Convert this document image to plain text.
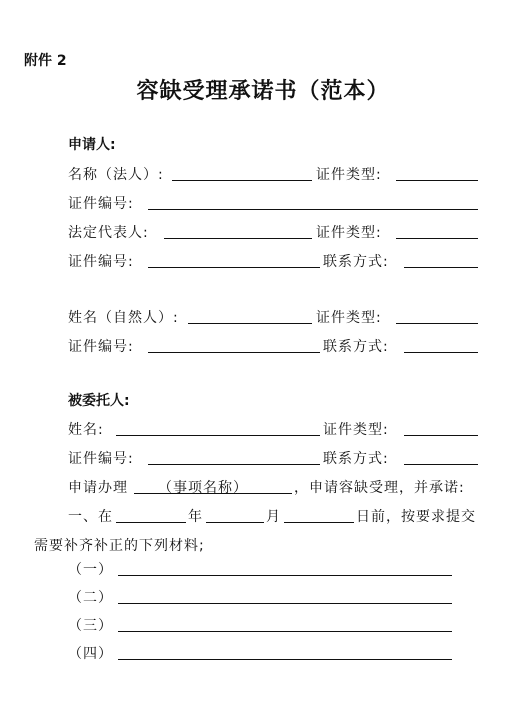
附件 2
容缺受理承诺书（范本）
申请人:
名称（法人）:	证件类型:
证件编号:
法定代表人:	证件类型:
证件编号:	联系方式:
姓名（自然人）:	证件类型:
证件编号:	联系方式:
被委托人:
姓名:	证件类型:
证件编号:	联系方式:
申请办理 （事项名称）	，申请容缺受理，并承诺:
一、在	年	月	日前，按要求提交
需要补齐补正的下列材料;
（一）
（二）
（三）
（四）
